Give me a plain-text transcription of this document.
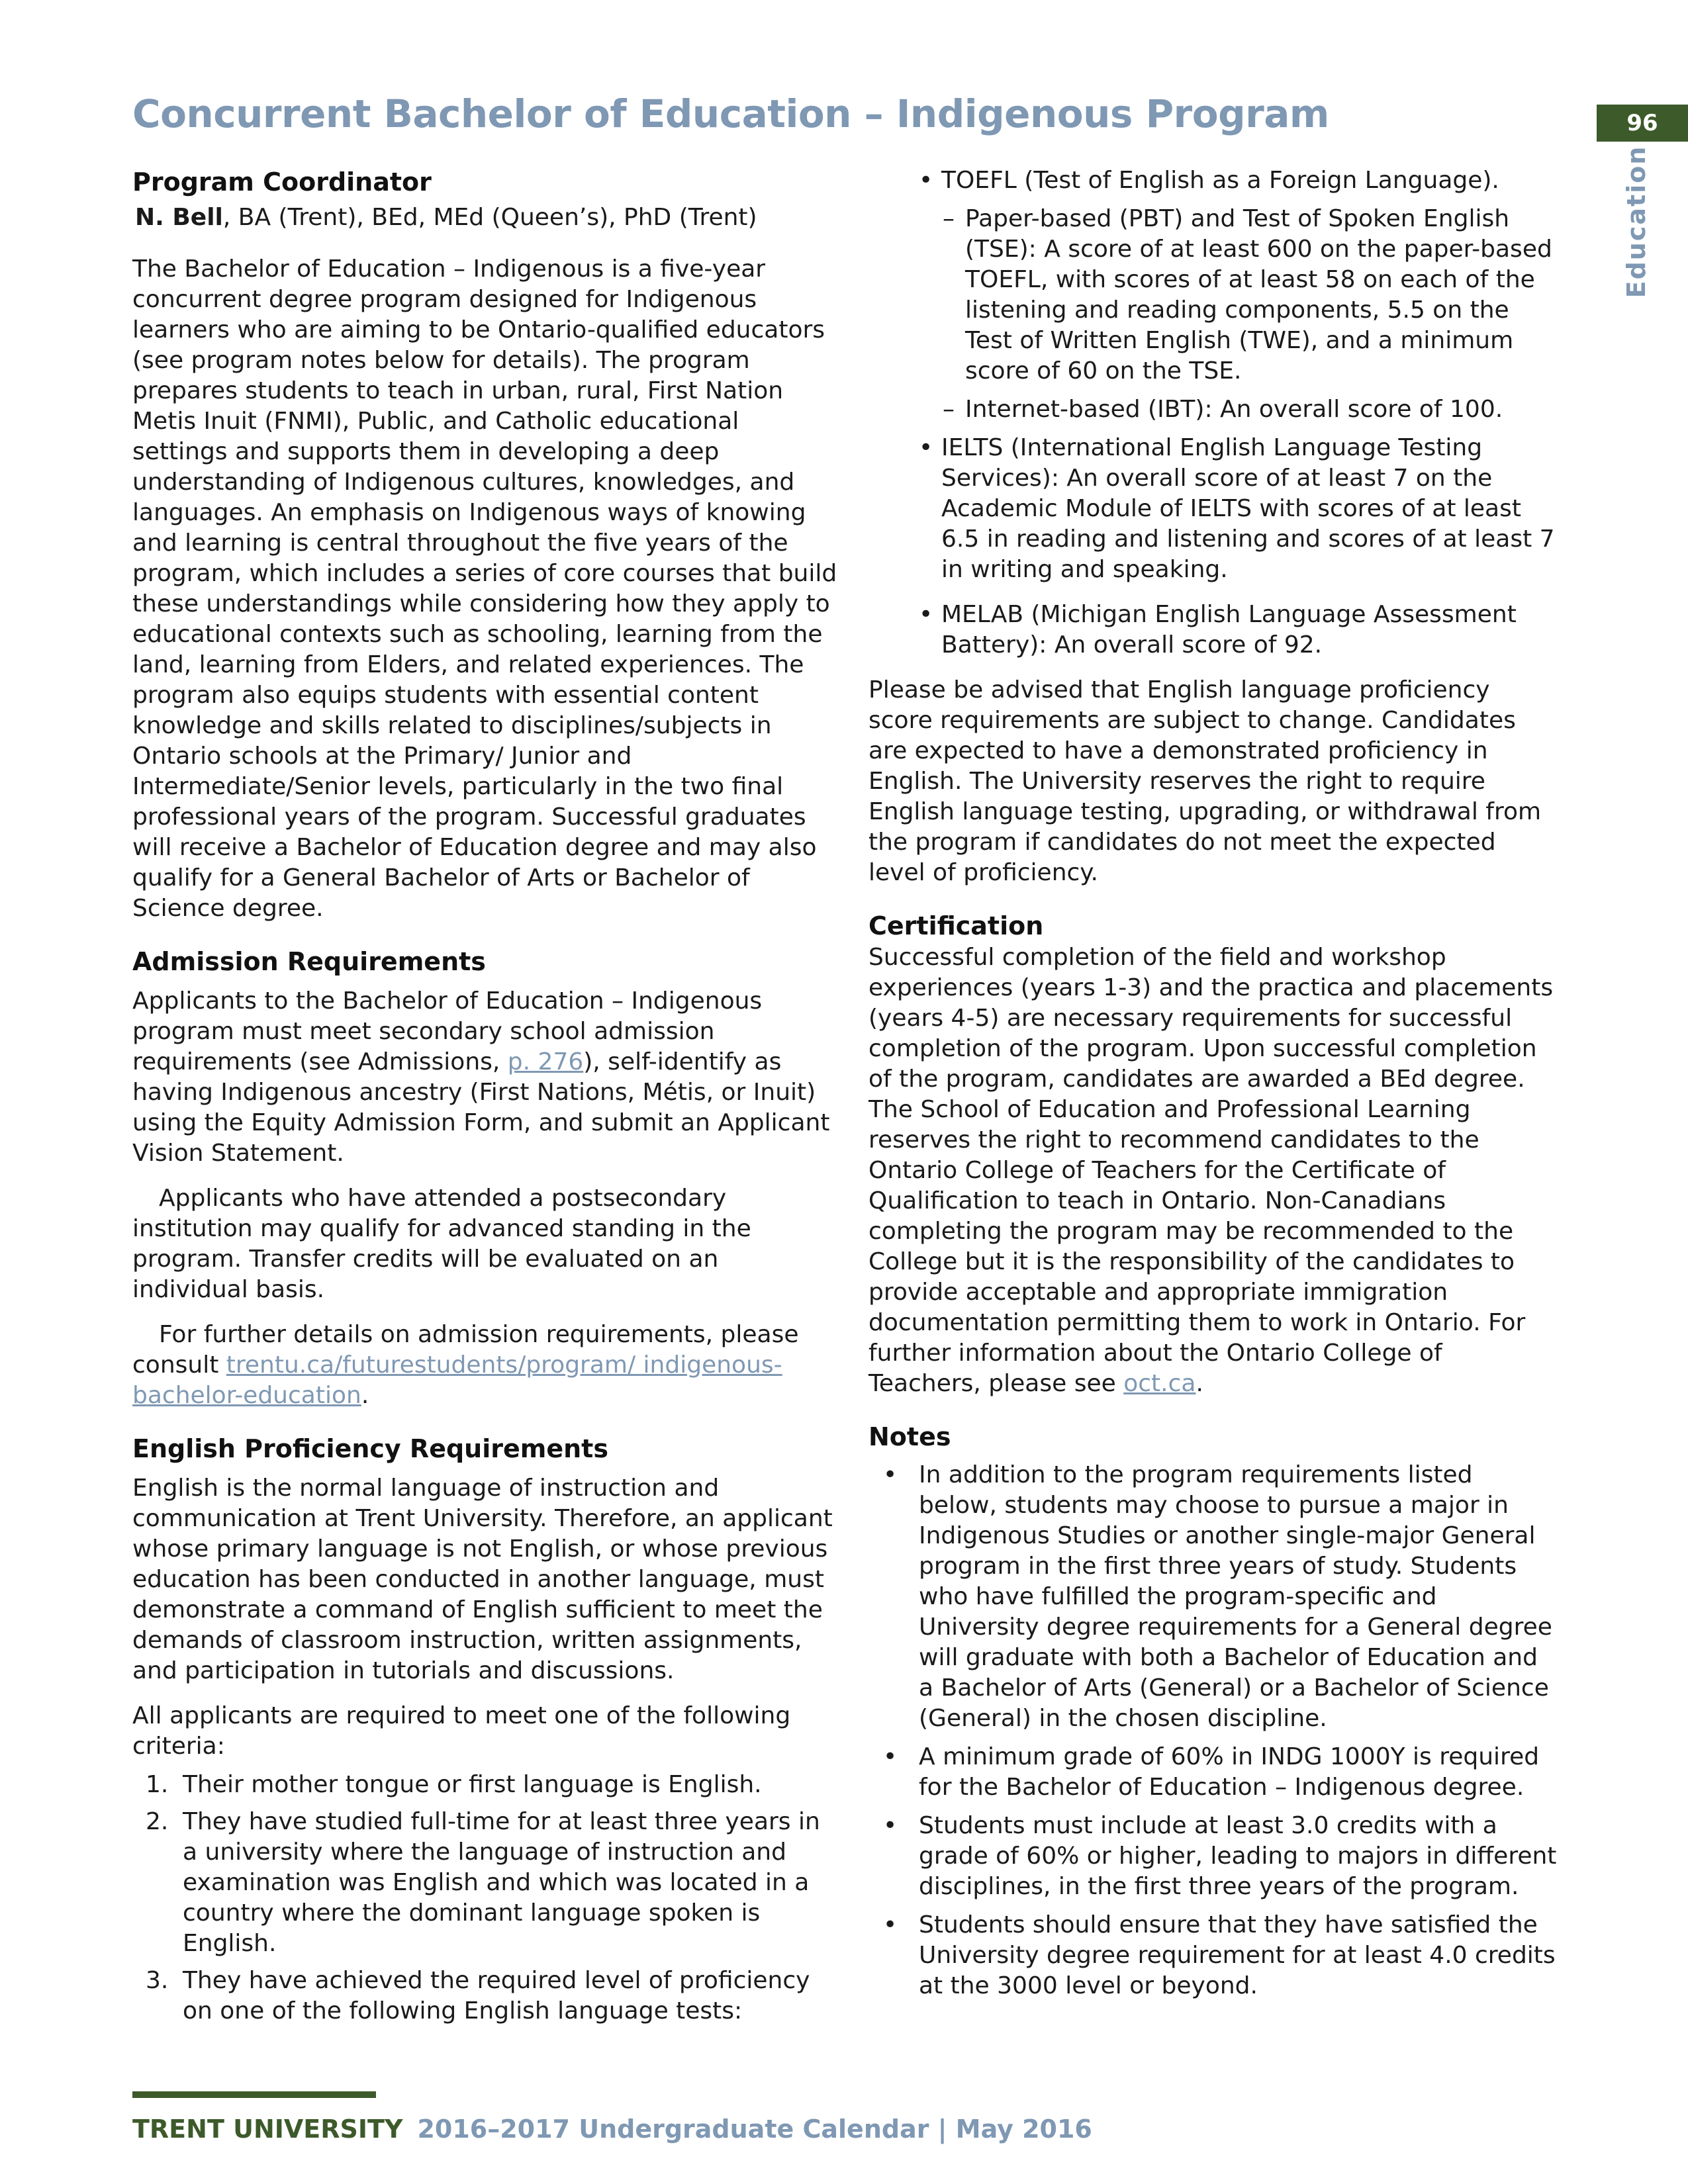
Concurrent Bachelor of Education – Indigenous Program	96
Education
Program Coordinator

N. Bell, BA (Trent), BEd, MEd (Queen’s), PhD (Trent)

The Bachelor of Education – Indigenous is a five-year concurrent degree program designed for Indigenous learners who are aiming to be Ontario-qualified educators (see program notes below for details). The program prepares students to teach in urban, rural, First Nation Metis Inuit (FNMI), Public, and Catholic educational settings and supports them in developing a deep understanding of Indigenous cultures, knowledges, and languages. An emphasis on Indigenous ways of knowing and learning is central throughout the five years of the program, which includes a series of core courses that build these understandings while considering how they apply to educational contexts such as schooling, learning from the land, learning from Elders, and related experiences. The program also equips students with essential content knowledge and skills related to disciplines/subjects in Ontario schools at the Primary/ Junior and Intermediate/Senior levels, particularly in the two final professional years of the program. Successful graduates will receive a Bachelor of Education degree and may also qualify for a General Bachelor of Arts or Bachelor of Science degree.

Admission Requirements

Applicants to the Bachelor of Education – Indigenous program must meet secondary school admission requirements (see Admissions, p. 276), self-identify as having Indigenous ancestry (First Nations, Métis, or Inuit) using the Equity Admission Form, and submit an Applicant Vision Statement.

Applicants who have attended a postsecondary institution may qualify for advanced standing in the program. Transfer credits will be evaluated on an individual basis.

For further details on admission requirements, please consult trentu.ca/futurestudents/program/ indigenous-bachelor-education.

English Proficiency Requirements

English is the normal language of instruction and communication at Trent University. Therefore, an applicant whose primary language is not English, or whose previous education has been conducted in another language, must demonstrate a command of English sufficient to meet the demands of classroom instruction, written assignments, and participation in tutorials and discussions.

All applicants are required to meet one of the following criteria:

1. Their mother tongue or first language is English.
2. They have studied full-time for at least three years in a university where the language of instruction and examination was English and which was located in a country where the dominant language spoken is English.
3. They have achieved the required level of proficiency on one of the following English language tests:
• TOEFL (Test of English as a Foreign Language).
– Paper-based (PBT) and Test of Spoken English (TSE): A score of at least 600 on the paper-based TOEFL, with scores of at least 58 on each of the listening and reading components, 5.5 on the Test of Written English (TWE), and a minimum score of 60 on the TSE.
– Internet-based (IBT): An overall score of 100.
• IELTS (International English Language Testing Services): An overall score of at least 7 on the Academic Module of IELTS with scores of at least 6.5 in reading and listening and scores of at least 7 in writing and speaking.
• MELAB (Michigan English Language Assessment Battery): An overall score of 92.

Please be advised that English language proficiency score requirements are subject to change. Candidates are expected to have a demonstrated proficiency in English. The University reserves the right to require English language testing, upgrading, or withdrawal from the program if candidates do not meet the expected level of proficiency.

Certification

Successful completion of the field and workshop experiences (years 1-3) and the practica and placements (years 4-5) are necessary requirements for successful completion of the program. Upon successful completion of the program, candidates are awarded a BEd degree. The School of Education and Professional Learning reserves the right to recommend candidates to the Ontario College of Teachers for the Certificate of Qualification to teach in Ontario. Non-Canadians completing the program may be recommended to the College but it is the responsibility of the candidates to provide acceptable and appropriate immigration documentation permitting them to work in Ontario. For further information about the Ontario College of Teachers, please see oct.ca.

Notes
• In addition to the program requirements listed below, students may choose to pursue a major in Indigenous Studies or another single-major General program in the first three years of study. Students who have fulfilled the program-specific and University degree requirements for a General degree will graduate with both a Bachelor of Education and a Bachelor of Arts (General) or a Bachelor of Science (General) in the chosen discipline.
• A minimum grade of 60% in INDG 1000Y is required for the Bachelor of Education – Indigenous degree.
• Students must include at least 3.0 credits with a grade of 60% or higher, leading to majors in different disciplines, in the first three years of the program.
• Students should ensure that they have satisfied the University degree requirement for at least 4.0 credits at the 3000 level or beyond.
TRENT UNIVERSITY 2016–2017 Undergraduate Calendar | May 2016
